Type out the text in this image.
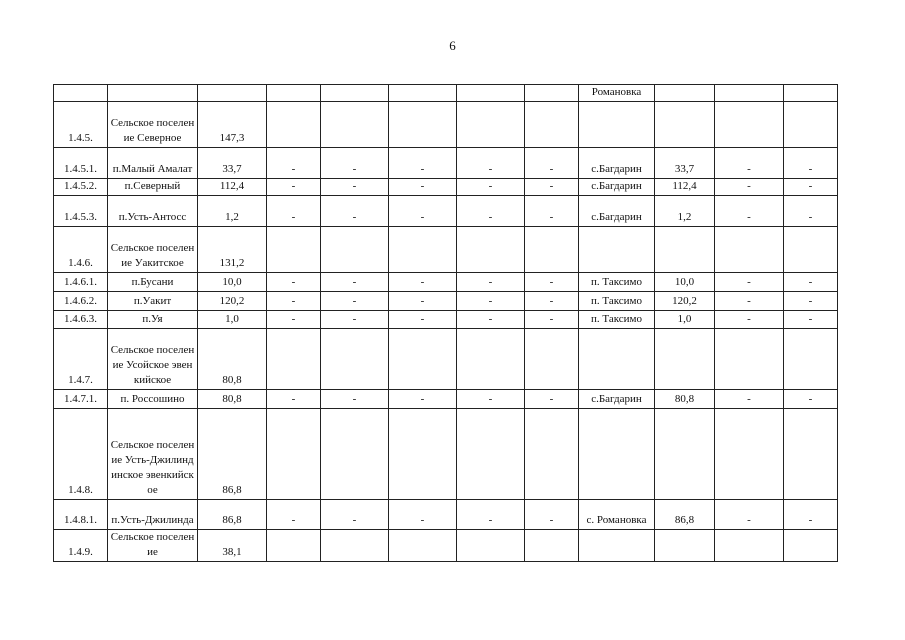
6
								Романовка			
1.4.5.	Сельское поселение Северное	147,3									
1.4.5.1.	п.Малый Амалат	33,7	-	-	-	-	-	с.Багдарин	33,7	-	-
1.4.5.2.	п.Северный	112,4	-	-	-	-	-	с.Багдарин	112,4	-	-
1.4.5.3.	п.Усть-Антосс	1,2	-	-	-	-	-	с.Багдарин	1,2	-	-
1.4.6.	Сельское поселение Уакитское	131,2									
1.4.6.1.	п.Бусани	10,0	-	-	-	-	-	п. Таксимо	10,0	-	-
1.4.6.2.	п.Уакит	120,2	-	-	-	-	-	п. Таксимо	120,2	-	-
1.4.6.3.	п.Уя	1,0	-	-	-	-	-	п. Таксимо	1,0	-	-
1.4.7.	Сельское поселение Усойское эвенкийское	80,8									
1.4.7.1.	п. Россошино	80,8	-	-	-	-	-	с.Багдарин	80,8	-	-
1.4.8.	Сельское поселение Усть-Джилиндинское эвенкийское	86,8									
1.4.8.1.	п.Усть-Джилинда	86,8	-	-	-	-	-	с. Романовка	86,8	-	-
1.4.9.	Сельское поселение	38,1									
